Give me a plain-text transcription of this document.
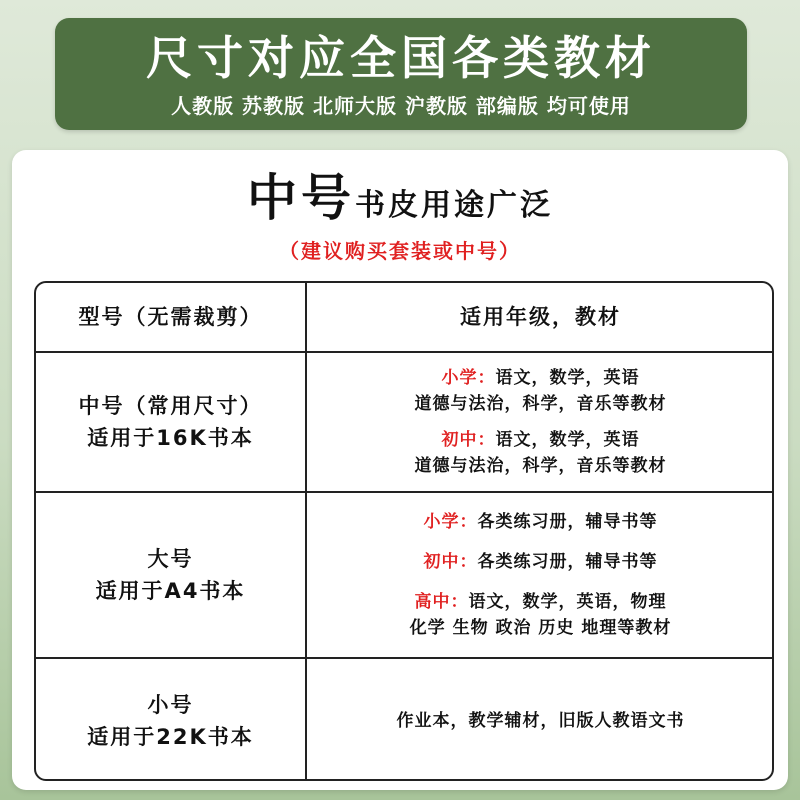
尺寸对应全国各类教材
人教版 苏教版 北师大版 沪教版 部编版 均可使用
中号书皮用途广泛
（建议购买套装或中号）
型号（无需裁剪）	适用年级，教材
中号（常用尺寸）
适用于16K书本
小学：语文，数学，英语
道德与法治，科学，音乐等教材
初中：语文，数学，英语
道德与法治，科学，音乐等教材
大号
适用于A4书本
小学：各类练习册，辅导书等
初中：各类练习册，辅导书等
高中：语文，数学，英语，物理
化学 生物 政治 历史 地理等教材
小号
适用于22K书本
作业本，教学辅材，旧版人教语文书
